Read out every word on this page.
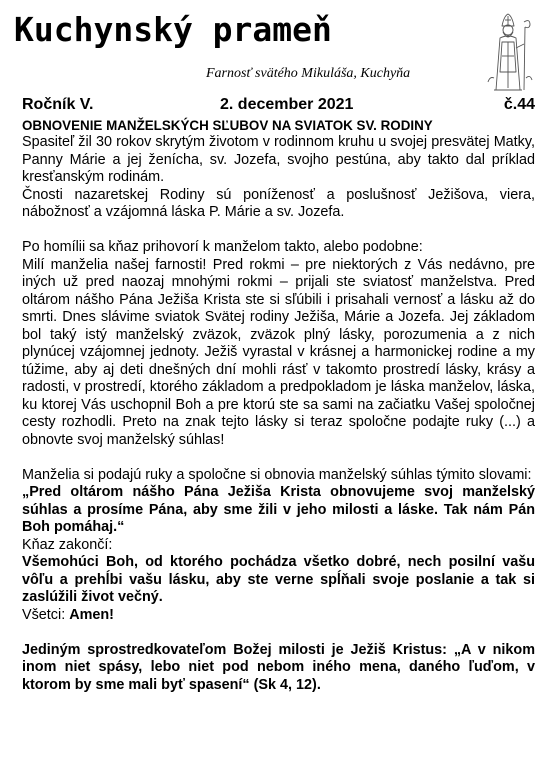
Kuchynský prameň
Farnosť svätého Mikuláša, Kuchyňa
Ročník V.	2. december 2021	č.44
OBNOVENIE MANŽELSKÝCH SĽUBOV NA SVIATOK SV. RODINY

Spasiteľ žil 30 rokov skrytým životom v rodinnom kruhu u svojej presvätej Matky, Panny Márie a jej ženícha, sv. Jozefa, svojho pestúna, aby takto dal príklad kresťanským rodinám.

Čnosti nazaretskej Rodiny sú poníženosť a poslušnosť Ježišova, viera, nábožnosť a vzájomná láska P. Márie a sv. Jozefa.

Po homílii sa kňaz prihovorí k manželom takto, alebo podobne:

Milí manželia našej farnosti! Pred rokmi – pre niektorých z Vás nedávno, pre iných už pred naozaj mnohými rokmi – prijali ste sviatosť manželstva. Pred oltárom nášho Pána Ježiša Krista ste si sľúbili i prisahali vernosť a lásku až do smrti. Dnes slávime sviatok Svätej rodiny Ježiša, Márie a Jozefa. Jej základom bol taký istý manželský zväzok, zväzok plný lásky, porozumenia a z nich plynúcej vzájomnej jednoty. Ježiš vyrastal v krásnej a harmonickej rodine a my túžime, aby aj deti dnešných dní mohli rásť v takomto prostredí lásky, krásy a radosti, v prostredí, ktorého základom a predpokladom je láska manželov, láska, ku ktorej Vás uschopnil Boh a pre ktorú ste sa sami na začiatku Vašej spoločnej cesty rozhodli. Preto na znak tejto lásky si teraz spoločne podajte ruky (...) a obnovte svoj manželský súhlas!

Manželia si podajú ruky a spoločne si obnovia manželský súhlas týmito slovami:

„Pred oltárom nášho Pána Ježiša Krista obnovujeme svoj manželský súhlas a prosíme Pána, aby sme žili v jeho milosti a láske. Tak nám Pán Boh pomáhaj.“

Kňaz zakončí:

Všemohúci Boh, od ktorého pochádza všetko dobré, nech posilní vašu vôľu a prehĺbi vašu lásku, aby ste verne spĺňali svoje poslanie a tak si zaslúžili život večný.

Všetci: Amen!

Jediným sprostredkovateľom Božej milosti je Ježiš Kristus: „A v nikom inom niet spásy, lebo niet pod nebom iného mena, daného ľuďom, v ktorom by sme mali byť spasení“ (Sk 4, 12).
